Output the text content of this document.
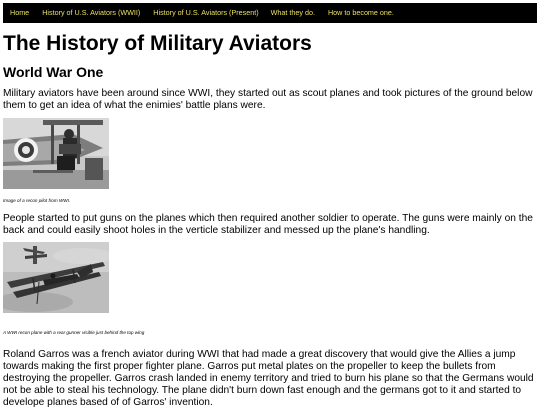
Home History of U.S. Aviators (WWII) History of U.S. Aviators (Present) What they do. How to become one.
The History of Military Aviators
World War One

Military aviators have been around since WWI, they started out as scout planes and took pictures of the ground below them to get an idea of what the enimies' battle plans were.

Image of a recon pilot from WWI.

People started to put guns on the planes which then required another soldier to operate. The guns were mainly on the back and could easily shoot holes in the verticle stabilizer and messed up the plane's handling.

A WWI recon plane with a rear gunner visible just behind the top wing

Roland Garros was a french aviator during WWI that had made a great discovery that would give the Allies a jump towards making the first proper fighter plane. Garros put metal plates on the propeller to keep the bullets from destroying the propeller. Garros crash landed in enemy territory and tried to burn his plane so that the Germans would not be able to steal his technology. The plane didn't burn down fast enough and the germans got to it and started to develope planes based of of Garros' invention.
